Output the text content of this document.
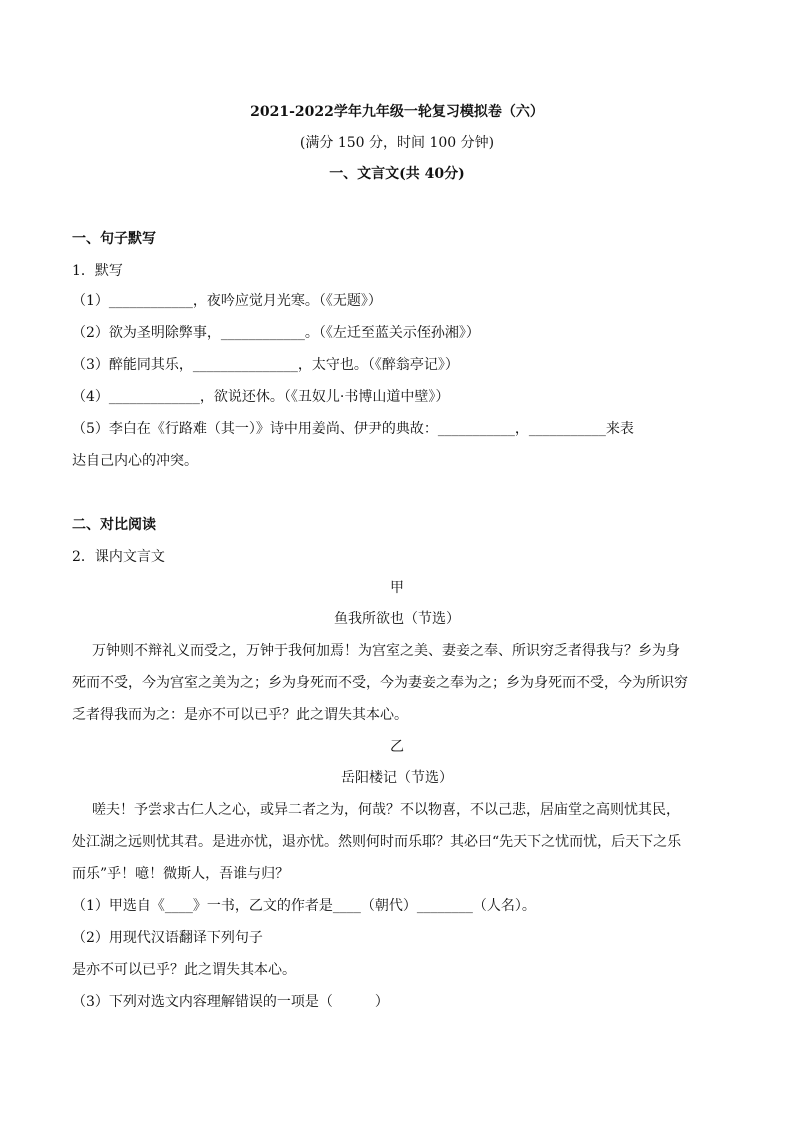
2021-2022学年九年级一轮复习模拟卷（六）
(满分 150 分，时间 100 分钟)
一、文言文(共 40分)
一、句子默写
1．默写
（1）____________，夜吟应觉月光寒。（《无题》）
（2）欲为圣明除弊事，____________。（《左迁至蓝关示侄孙湘》）
（3）醉能同其乐，_______________，太守也。（《醉翁亭记》）
（4）_____________，欲说还休。（《丑奴儿·书博山道中壁》）
（5）李白在《行路难（其一）》诗中用姜尚、伊尹的典故：___________，___________来表
达自己内心的冲突。
二、对比阅读
2．课内文言文
甲
鱼我所欲也（节选）
万钟则不辩礼义而受之，万钟于我何加焉！为宫室之美、妻妾之奉、所识穷乏者得我与？乡为身
死而不受，今为宫室之美为之；乡为身死而不受，今为妻妾之奉为之；乡为身死而不受，今为所识穷
乏者得我而为之：是亦不可以已乎？此之谓失其本心。
乙
岳阳楼记（节选）
嗟夫！予尝求古仁人之心，或异二者之为，何哉？不以物喜，不以己悲，居庙堂之高则忧其民，
处江湖之远则忧其君。是进亦忧，退亦忧。然则何时而乐耶？其必曰“先天下之忧而忧，后天下之乐
而乐”乎！噫！微斯人，吾谁与归？
（1）甲选自《____》一书，乙文的作者是____（朝代）________（人名）。
（2）用现代汉语翻译下列句子
是亦不可以已乎？此之谓失其本心。
（3）下列对选文内容理解错误的一项是（　　　）
